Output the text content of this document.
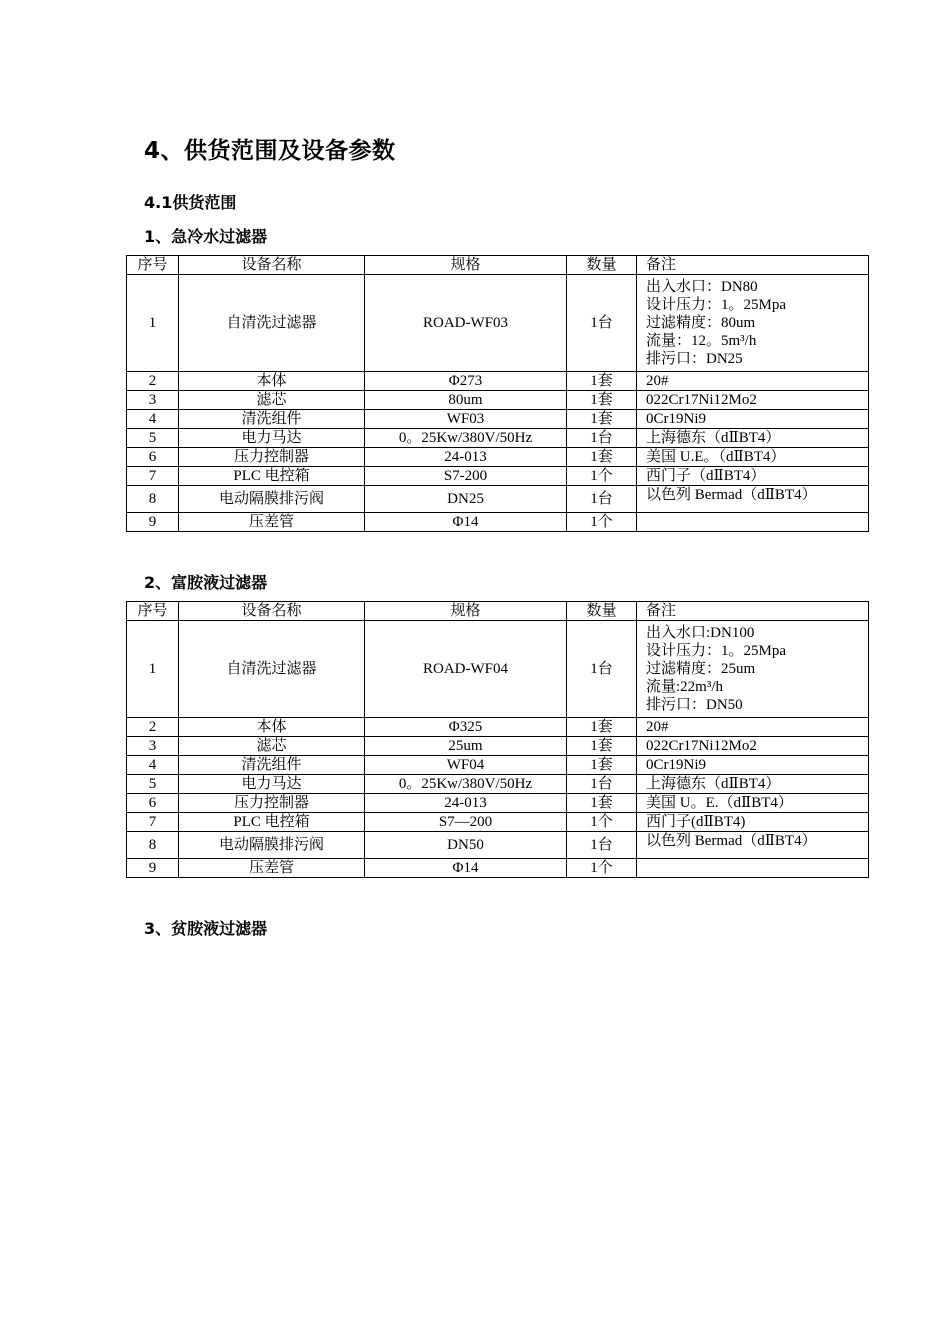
4、供货范围及设备参数
4.1供货范围
1、急冷水过滤器
序号	设备名称	规格	数量	备注
1	自清洗过滤器	ROAD-WF03	1台	出入水口：DN80
设计压力：1。25Mpa
过滤精度：80um
流量：12。5m³/h
排污口：DN25

2	本体	Φ273	1套	20#
3	滤芯	80um	1套	022Cr17Ni12Mo2
4	清洗组件	WF03	1套	0Cr19Ni9
5	电力马达	0。25Kw/380V/50Hz	1台	上海德东（dⅡBT4）
6	压力控制器	24-013	1套	美国 U.E。（dⅡBT4）
7	PLC 电控箱	S7-200	1个	西门子（dⅡBT4）
8	电动隔膜排污阀	DN25	1台	以色列 Bermad（dⅡBT4）
9	压差管	Φ14	1个	
2、富胺液过滤器
序号	设备名称	规格	数量	备注
1	自清洗过滤器	ROAD-WF04	1台	出入水口:DN100
设计压力：1。25Mpa
过滤精度：25um
流量:22m³/h
排污口：DN50

2	本体	Φ325	1套	20#
3	滤芯	25um	1套	022Cr17Ni12Mo2
4	清洗组件	WF04	1套	0Cr19Ni9
5	电力马达	0。25Kw/380V/50Hz	1台	上海德东（dⅡBT4）
6	压力控制器	24-013	1套	美国 U。E.（dⅡBT4）
7	PLC 电控箱	S7—200	1个	西门子(dⅡBT4)
8	电动隔膜排污阀	DN50	1台	以色列 Bermad（dⅡBT4）
9	压差管	Φ14	1个	
3、贫胺液过滤器
